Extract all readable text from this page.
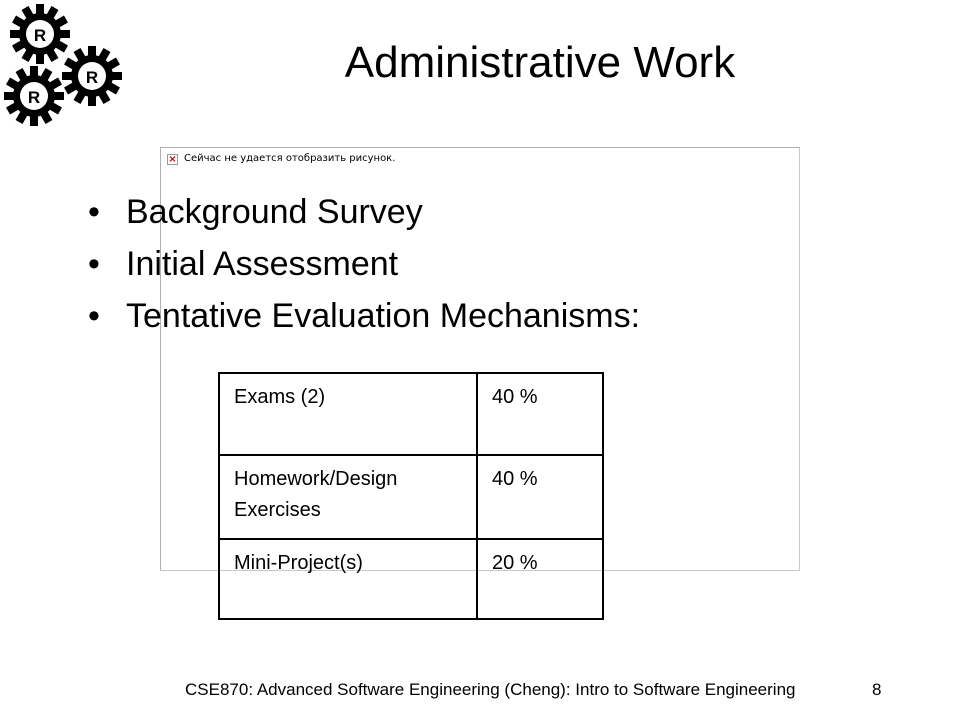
R
R
R
Administrative Work
× Сейчас не удается отобразить рисунок.
• Background Survey
• Initial Assessment
• Tentative Evaluation Mechanisms:
Exams (2)	40 %
Homework/Design Exercises	40 %
Mini-Project(s)	20 %
CSE870: Advanced Software Engineering (Cheng): Intro to Software Engineering	8
